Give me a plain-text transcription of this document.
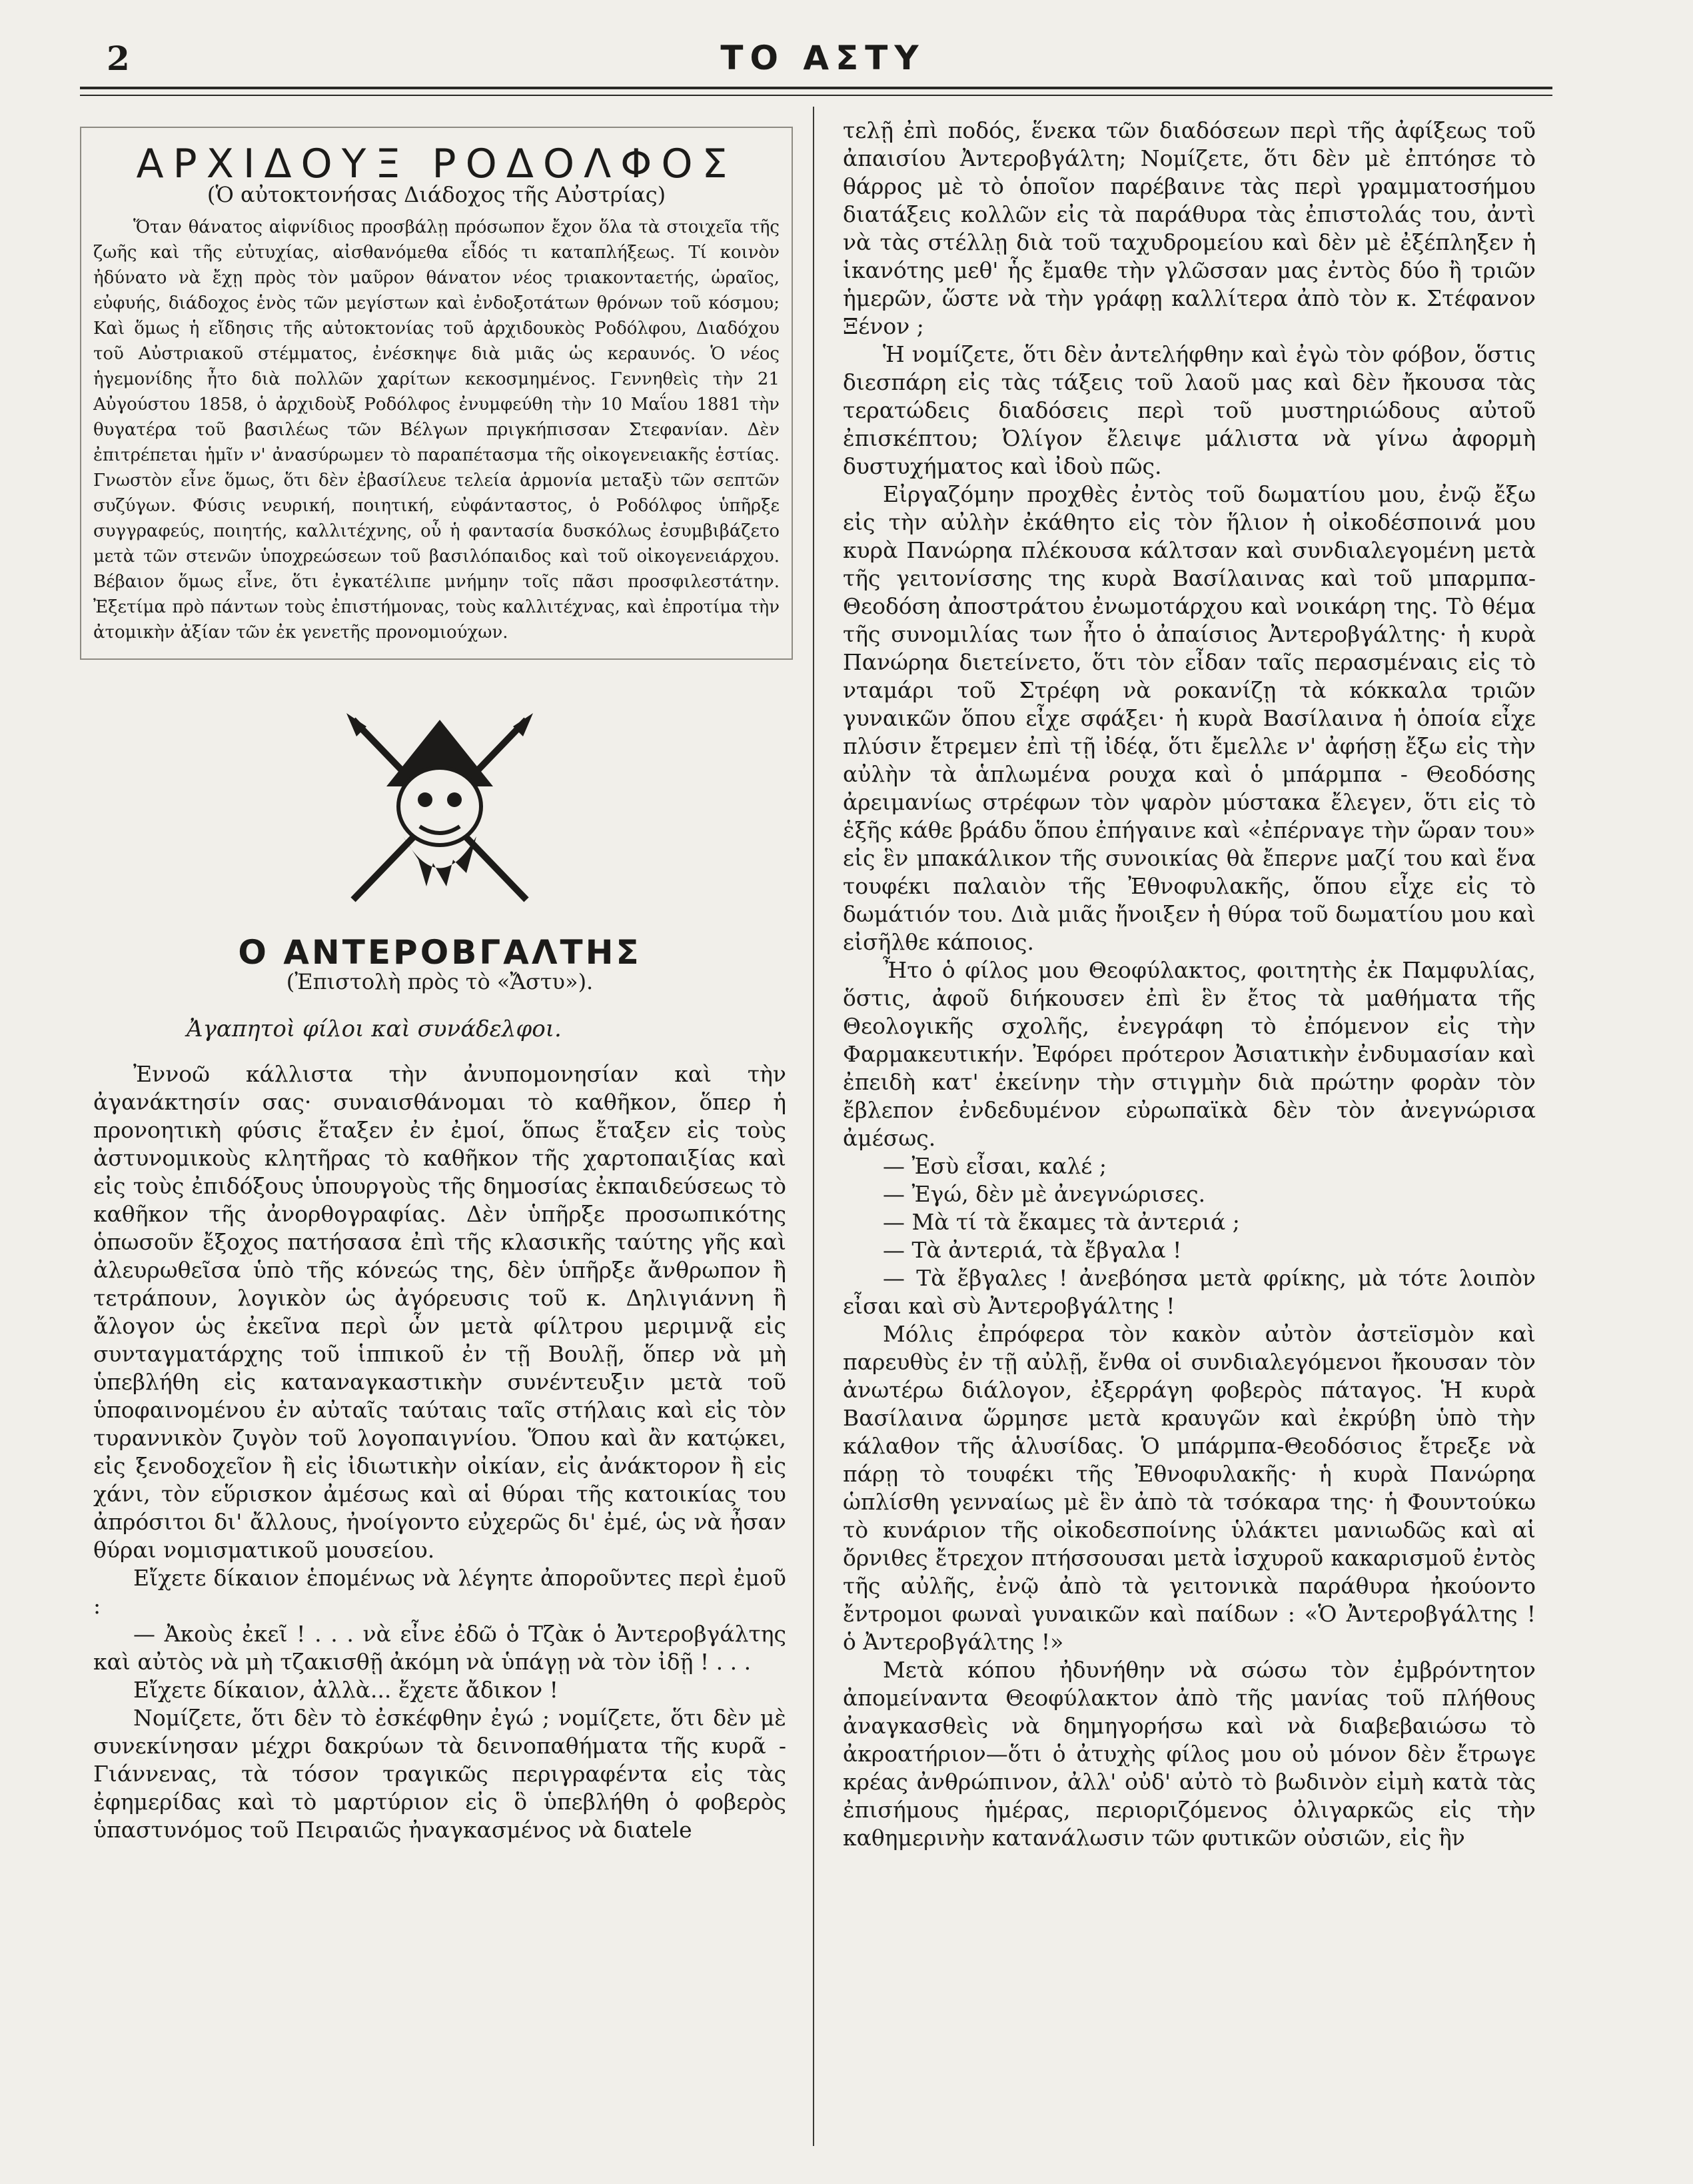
2	ΤΟ ΑΣΤΥ
ΑΡΧΙΔΟΥΞ ΡΟΔΟΛΦΟΣ
(Ὁ αὐτοκτονήσας Διάδοχος τῆς Αὐστρίας)

Ὅταν θάνατος αἰφνίδιος προσβάλῃ πρόσωπον ἔχον ὅλα τὰ στοιχεῖα τῆς ζωῆς καὶ τῆς εὐτυχίας, αἰσθανόμεθα εἶδός τι καταπλήξεως. Τί κοινὸν ἠδύνατο νὰ ἔχῃ πρὸς τὸν μαῦρον θάνατον νέος τριακονταετής, ὡραῖος, εὐφυής, διάδοχος ἑνὸς τῶν μεγίστων καὶ ἐνδοξοτάτων θρόνων τοῦ κόσμου; Καὶ ὅμως ἡ εἴδησις τῆς αὐτοκτονίας τοῦ ἀρχιδουκὸς Ροδόλφου, Διαδόχου τοῦ Αὐστριακοῦ στέμματος, ἐνέσκηψε διὰ μιᾶς ὡς κεραυνός. Ὁ νέος ἡγεμονίδης ἦτο διὰ πολλῶν χαρίτων κεκοσμημένος. Γεννηθεὶς τὴν 21 Αὐγούστου 1858, ὁ ἀρχιδοὺξ Ροδόλφος ἐνυμφεύθη τὴν 10 Μαΐου 1881 τὴν θυγατέρα τοῦ βασιλέως τῶν Βέλγων πριγκήπισσαν Στεφανίαν. Δὲν ἐπιτρέπεται ἡμῖν ν' ἀνασύρωμεν τὸ παραπέτασμα τῆς οἰκογενειακῆς ἑστίας. Γνωστὸν εἶνε ὅμως, ὅτι δὲν ἐβασίλευε τελεία ἁρμονία μεταξὺ τῶν σεπτῶν συζύγων. Φύσις νευρική, ποιητική, εὐφάνταστος, ὁ Ροδόλφος ὑπῆρξε συγγραφεύς, ποιητής, καλλιτέχνης, οὗ ἡ φαντασία δυσκόλως ἐσυμβιβάζετο μετὰ τῶν στενῶν ὑποχρεώσεων τοῦ βασιλόπαιδος καὶ τοῦ οἰκογενειάρχου. Βέβαιον ὅμως εἶνε, ὅτι ἐγκατέλιπε μνήμην τοῖς πᾶσι προσφιλεστάτην. Ἐξετίμα πρὸ πάντων τοὺς ἐπιστήμονας, τοὺς καλλιτέχνας, καὶ ἐπροτίμα τὴν ἀτομικὴν ἀξίαν τῶν ἐκ γενετῆς προνομιούχων.

Ο ΑΝΤΕΡΟΒΓΑΛΤΗΣ
(Ἐπιστολὴ πρὸς τὸ «Ἄστυ»).
Ἀγαπητοὶ φίλοι καὶ συνάδελφοι.

Ἐννοῶ κάλλιστα τὴν ἀνυπομονησίαν καὶ τὴν ἀγανάκτησίν σας· συναισθάνομαι τὸ καθῆκον, ὅπερ ἡ προνοητικὴ φύσις ἔταξεν ἐν ἐμοί, ὅπως ἔταξεν εἰς τοὺς ἀστυνομικοὺς κλητῆρας τὸ καθῆκον τῆς χαρτοπαιξίας καὶ εἰς τοὺς ἐπιδόξους ὑπουργοὺς τῆς δημοσίας ἐκπαιδεύσεως τὸ καθῆκον τῆς ἀνορθογραφίας. Δὲν ὑπῆρξε προσωπικότης ὁπωσοῦν ἔξοχος πατήσασα ἐπὶ τῆς κλασικῆς ταύτης γῆς καὶ ἀλευρωθεῖσα ὑπὸ τῆς κόνεώς της, δὲν ὑπῆρξε ἄνθρωπον ἢ τετράπουν, λογικὸν ὡς ἀγόρευσις τοῦ κ. Δηλιγιάννη ἢ ἄλογον ὡς ἐκεῖνα περὶ ὧν μετὰ φίλτρου μεριμνᾷ εἰς συνταγματάρχης τοῦ ἱππικοῦ ἐν τῇ Βουλῇ, ὅπερ νὰ μὴ ὑπεβλήθη εἰς καταναγκαστικὴν συνέντευξιν μετὰ τοῦ ὑποφαινομένου ἐν αὐταῖς ταύταις ταῖς στήλαις καὶ εἰς τὸν τυραννικὸν ζυγὸν τοῦ λογοπαιγνίου. Ὅπου καὶ ἂν κατῴκει, εἰς ξενοδοχεῖον ἢ εἰς ἰδιωτικὴν οἰκίαν, εἰς ἀνάκτορον ἢ εἰς χάνι, τὸν εὕρισκον ἀμέσως καὶ αἱ θύραι τῆς κατοικίας του ἀπρόσιτοι δι' ἄλλους, ἠνοίγοντο εὐχερῶς δι' ἐμέ, ὡς νὰ ἦσαν θύραι νομισματικοῦ μουσείου.

Εἴχετε δίκαιον ἑπομένως νὰ λέγητε ἀποροῦντες περὶ ἐμοῦ :

— Ἀκοὺς ἐκεῖ ! . . . νὰ εἶνε ἐδῶ ὁ Τζὰκ ὁ Ἀντεροβγάλτης καὶ αὐτὸς νὰ μὴ τζακισθῇ ἀκόμη νὰ ὑπάγῃ νὰ τὸν ἰδῇ ! . . .

Εἴχετε δίκαιον, ἀλλὰ... ἔχετε ἄδικον !

Νομίζετε, ὅτι δὲν τὸ ἐσκέφθην ἐγώ ; νομίζετε, ὅτι δὲν μὲ συνεκίνησαν μέχρι δακρύων τὰ δεινοπαθήματα τῆς κυρᾶ - Γιάννενας, τὰ τόσον τραγικῶς περιγραφέντα εἰς τὰς ἐφημερίδας καὶ τὸ μαρτύριον εἰς ὃ ὑπεβλήθη ὁ φοβερὸς ὑπαστυνόμος τοῦ Πειραιῶς ἠναγκασμένος νὰ διαtele

τελῇ ἐπὶ ποδός, ἕνεκα τῶν διαδόσεων περὶ τῆς ἀφίξεως τοῦ ἀπαισίου Ἀντεροβγάλτη; Νομίζετε, ὅτι δὲν μὲ ἐπτόησε τὸ θάρρος μὲ τὸ ὁποῖον παρέβαινε τὰς περὶ γραμματοσήμου διατάξεις κολλῶν εἰς τὰ παράθυρα τὰς ἐπιστολάς του, ἀντὶ νὰ τὰς στέλλῃ διὰ τοῦ ταχυδρομείου καὶ δὲν μὲ ἐξέπληξεν ἡ ἱκανότης μεθ' ἧς ἔμαθε τὴν γλῶσσαν μας ἐντὸς δύο ἢ τριῶν ἡμερῶν, ὥστε νὰ τὴν γράφῃ καλλίτερα ἀπὸ τὸν κ. Στέφανον Ξένον ;

Ἡ νομίζετε, ὅτι δὲν ἀντελήφθην καὶ ἐγὼ τὸν φόβον, ὅστις διεσπάρη εἰς τὰς τάξεις τοῦ λαοῦ μας καὶ δὲν ἤκουσα τὰς τερατώδεις διαδόσεις περὶ τοῦ μυστηριώδους αὐτοῦ ἐπισκέπτου; Ὀλίγον ἔλειψε μάλιστα νὰ γίνω ἀφορμὴ δυστυχήματος καὶ ἰδοὺ πῶς.

Εἰργαζόμην προχθὲς ἐντὸς τοῦ δωματίου μου, ἐνῷ ἔξω εἰς τὴν αὐλὴν ἐκάθητο εἰς τὸν ἥλιον ἡ οἰκοδέσποινά μου κυρὰ Πανώρηα πλέκουσα κάλτσαν καὶ συνδιαλεγομένη μετὰ τῆς γειτονίσσης της κυρὰ Βασίλαινας καὶ τοῦ μπαρμπα-Θεοδόση ἀποστράτου ἐνωμοτάρχου καὶ νοικάρη της. Τὸ θέμα τῆς συνομιλίας των ἦτο ὁ ἀπαίσιος Ἀντεροβγάλτης· ἡ κυρὰ Πανώρηα διετείνετο, ὅτι τὸν εἶδαν ταῖς περασμέναις εἰς τὸ νταμάρι τοῦ Στρέφη νὰ ροκανίζῃ τὰ κόκκαλα τριῶν γυναικῶν ὅπου εἶχε σφάξει· ἡ κυρὰ Βασίλαινα ἡ ὁποία εἶχε πλύσιν ἔτρεμεν ἐπὶ τῇ ἰδέᾳ, ὅτι ἔμελλε ν' ἀφήσῃ ἔξω εἰς τὴν αὐλὴν τὰ ἁπλωμένα ρουχα καὶ ὁ μπάρμπα - Θεοδόσης ἀρειμανίως στρέφων τὸν ψαρὸν μύστακα ἔλεγεν, ὅτι εἰς τὸ ἑξῆς κάθε βράδυ ὅπου ἐπήγαινε καὶ «ἐπέρναγε τὴν ὥραν του» εἰς ἓν μπακάλικον τῆς συνοικίας θὰ ἔπερνε μαζί του καὶ ἕνα τουφέκι παλαιὸν τῆς Ἐθνοφυλακῆς, ὅπου εἶχε εἰς τὸ δωμάτιόν του. Διὰ μιᾶς ἤνοιξεν ἡ θύρα τοῦ δωματίου μου καὶ εἰσῆλθε κάποιος.

Ἦτο ὁ φίλος μου Θεοφύλακτος, φοιτητὴς ἐκ Παμφυλίας, ὅστις, ἀφοῦ διήκουσεν ἐπὶ ἓν ἔτος τὰ μαθήματα τῆς Θεολογικῆς σχολῆς, ἐνεγράφη τὸ ἐπόμενον εἰς τὴν Φαρμακευτικήν. Ἐφόρει πρότερον Ἀσιατικὴν ἐνδυμασίαν καὶ ἐπειδὴ κατ' ἐκείνην τὴν στιγμὴν διὰ πρώτην φορὰν τὸν ἔβλεπον ἐνδεδυμένον εὐρωπαϊκὰ δὲν τὸν ἀνεγνώρισα ἀμέσως.

— Ἐσὺ εἶσαι, καλέ ;

— Ἐγώ, δὲν μὲ ἀνεγνώρισες.

— Μὰ τί τὰ ἔκαμες τὰ ἀντεριά ;

— Τὰ ἀντεριά, τὰ ἔβγαλα !

— Τὰ ἔβγαλες ! ἀνεβόησα μετὰ φρίκης, μὰ τότε λοιπὸν εἶσαι καὶ σὺ Ἀντεροβγάλτης !

Μόλις ἐπρόφερα τὸν κακὸν αὐτὸν ἀστεϊσμὸν καὶ παρευθὺς ἐν τῇ αὐλῇ, ἔνθα οἱ συνδιαλεγόμενοι ἤκουσαν τὸν ἀνωτέρω διάλογον, ἐξερράγη φοβερὸς πάταγος. Ἡ κυρὰ Βασίλαινα ὥρμησε μετὰ κραυγῶν καὶ ἐκρύβη ὑπὸ τὴν κάλαθον τῆς ἁλυσίδας. Ὁ μπάρμπα-Θεοδόσιος ἔτρεξε νὰ πάρῃ τὸ τουφέκι τῆς Ἐθνοφυλακῆς· ἡ κυρὰ Πανώρηα ὡπλίσθη γενναίως μὲ ἓν ἀπὸ τὰ τσόκαρα της· ἡ Φουντούκω τὸ κυνάριον τῆς οἰκοδεσποίνης ὑλάκτει μανιωδῶς καὶ αἱ ὄρνιθες ἔτρεχον πτήσσουσαι μετὰ ἰσχυροῦ κακαρισμοῦ ἐντὸς τῆς αὐλῆς, ἐνῷ ἀπὸ τὰ γειτονικὰ παράθυρα ἠκούοντο ἔντρομοι φωναὶ γυναικῶν καὶ παίδων : «Ὁ Ἀντεροβγάλτης ! ὁ Ἀντεροβγάλτης !»

Μετὰ κόπου ἠδυνήθην νὰ σώσω τὸν ἐμβρόντητον ἀπομείναντα Θεοφύλακτον ἀπὸ τῆς μανίας τοῦ πλήθους ἀναγκασθεὶς νὰ δημηγορήσω καὶ νὰ διαβεβαιώσω τὸ ἀκροατήριον—ὅτι ὁ ἀτυχὴς φίλος μου οὐ μόνον δὲν ἔτρωγε κρέας ἀνθρώπινον, ἀλλ' οὐδ' αὐτὸ τὸ βωδινὸν εἰμὴ κατὰ τὰς ἐπισήμους ἡμέρας, περιοριζόμενος ὀλιγαρκῶς εἰς τὴν καθημερινὴν κατανάλωσιν τῶν φυτικῶν οὐσιῶν, εἰς ἣν
